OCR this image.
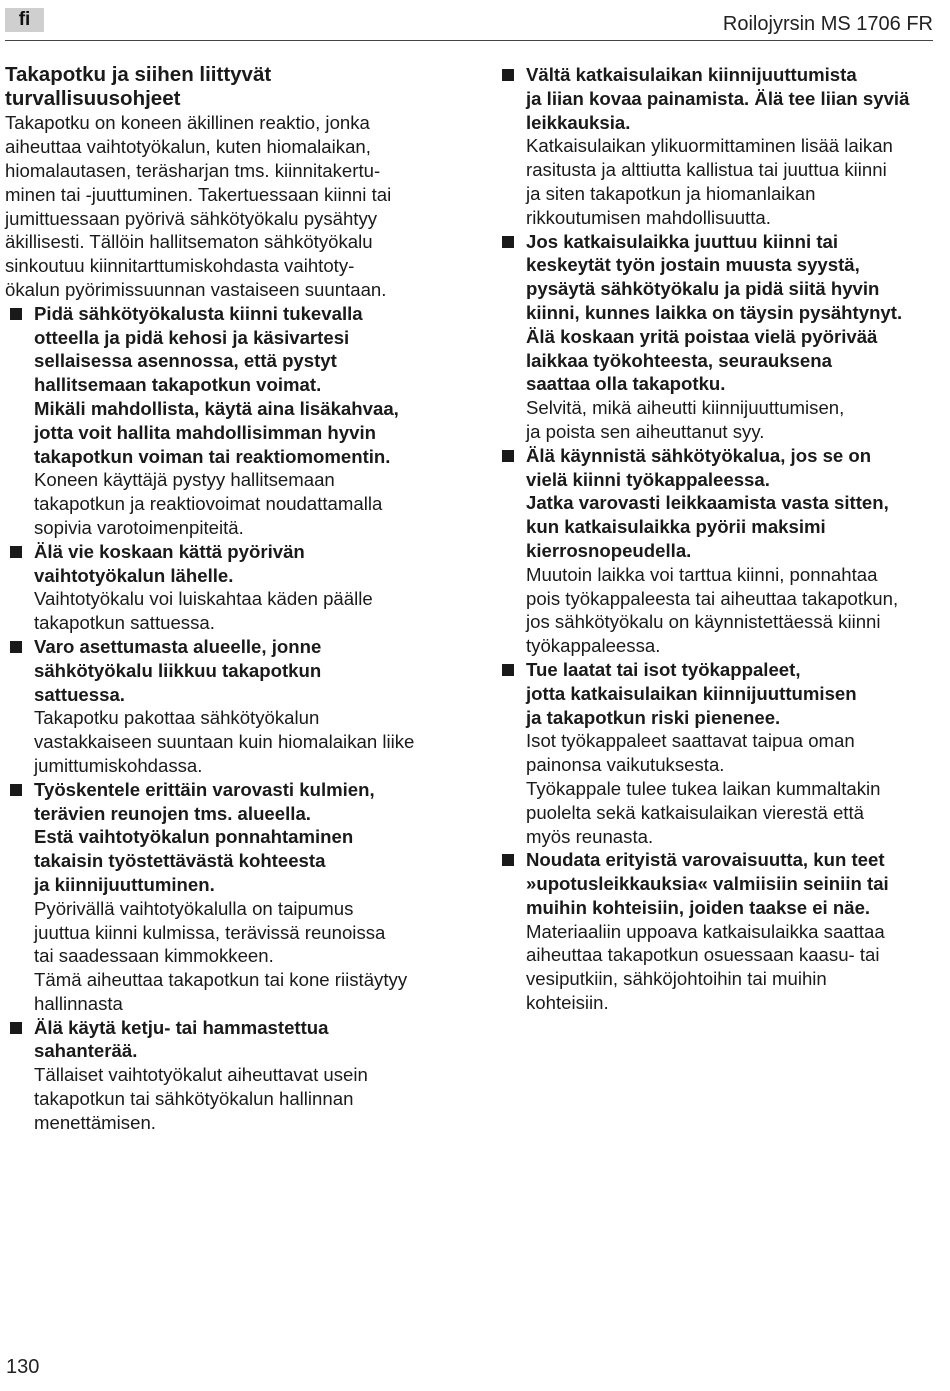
fi	Roilojyrsin MS 1706 FR
Takapotku ja siihen liittyvät
turvallisuusohjeet
Takapotku on koneen äkillinen reaktio, jonka
aiheuttaa vaihtotyökalun, kuten hiomalaikan,
hiomalautasen, teräsharjan tms. kiinnitakertu-
minen tai -juuttuminen. Takertuessaan kiinni tai
jumittuessaan pyörivä sähkötyökalu pysähtyy
äkillisesti. Tällöin hallitsematon sähkötyökalu
sinkoutuu kiinnitarttumiskohdasta vaihtoty-
ökalun pyörimissuunnan vastaiseen suuntaan.
Pidä sähkötyökalusta kiinni tukevalla
otteella ja pidä kehosi ja käsivartesi
sellaisessa asennossa, että pystyt
hallitsemaan takapotkun voimat.
Mikäli mahdollista, käytä aina lisäkahvaa,
jotta voit hallita mahdollisimman hyvin
takapotkun voiman tai reaktiomomentin.
Koneen käyttäjä pystyy hallitsemaan
takapotkun ja reaktiovoimat noudattamalla
sopivia varotoimenpiteitä.
Älä vie koskaan kättä pyörivän
vaihtotyökalun lähelle.
Vaihtotyökalu voi luiskahtaa käden päälle
takapotkun sattuessa.
Varo asettumasta alueelle, jonne
sähkötyökalu liikkuu takapotkun
sattuessa.
Takapotku pakottaa sähkötyökalun
vastakkaiseen suuntaan kuin hiomalaikan liike
jumittumiskohdassa.
Työskentele erittäin varovasti kulmien,
terävien reunojen tms. alueella.
Estä vaihtotyökalun ponnahtaminen
takaisin työstettävästä kohteesta
ja kiinnijuuttuminen.
Pyörivällä vaihtotyökalulla on taipumus
juuttua kiinni kulmissa, terävissä reunoissa
tai saadessaan kimmokkeen.
Tämä aiheuttaa takapotkun tai kone riistäytyy
hallinnasta
Älä käytä ketju- tai hammastettua
sahanterää.
Tällaiset vaihtotyökalut aiheuttavat usein
takapotkun tai sähkötyökalun hallinnan
menettämisen.
Vältä katkaisulaikan kiinnijuuttumista
ja liian kovaa painamista. Älä tee liian syviä
leikkauksia.
Katkaisulaikan ylikuormittaminen lisää laikan
rasitusta ja alttiutta kallistua tai juuttua kiinni
ja siten takapotkun ja hiomanlaikan
rikkoutumisen mahdollisuutta.
Jos katkaisulaikka juuttuu kiinni tai
keskeytät työn jostain muusta syystä,
pysäytä sähkötyökalu ja pidä siitä hyvin
kiinni, kunnes laikka on täysin pysähtynyt.
Älä koskaan yritä poistaa vielä pyörivää
laikkaa työkohteesta, seurauksena
saattaa olla takapotku.
Selvitä, mikä aiheutti kiinnijuuttumisen,
ja poista sen aiheuttanut syy.
Älä käynnistä sähkötyökalua, jos se on
vielä kiinni työkappaleessa.
Jatka varovasti leikkaamista vasta sitten,
kun katkaisulaikka pyörii maksimi
kierrosnopeudella.
Muutoin laikka voi tarttua kiinni, ponnahtaa
pois työkappaleesta tai aiheuttaa takapotkun,
jos sähkötyökalu on käynnistettäessä kiinni
työkappaleessa.
Tue laatat tai isot työkappaleet,
jotta katkaisulaikan kiinnijuuttumisen
ja takapotkun riski pienenee.
Isot työkappaleet saattavat taipua oman
painonsa vaikutuksesta.
Työkappale tulee tukea laikan kummaltakin
puolelta sekä katkaisulaikan vierestä että
myös reunasta.
Noudata erityistä varovaisuutta, kun teet
»upotusleikkauksia« valmiisiin seiniin tai
muihin kohteisiin, joiden taakse ei näe.
Materiaaliin uppoava katkaisulaikka saattaa
aiheuttaa takapotkun osuessaan kaasu- tai
vesiputkiin, sähköjohtoihin tai muihin
kohteisiin.
130
